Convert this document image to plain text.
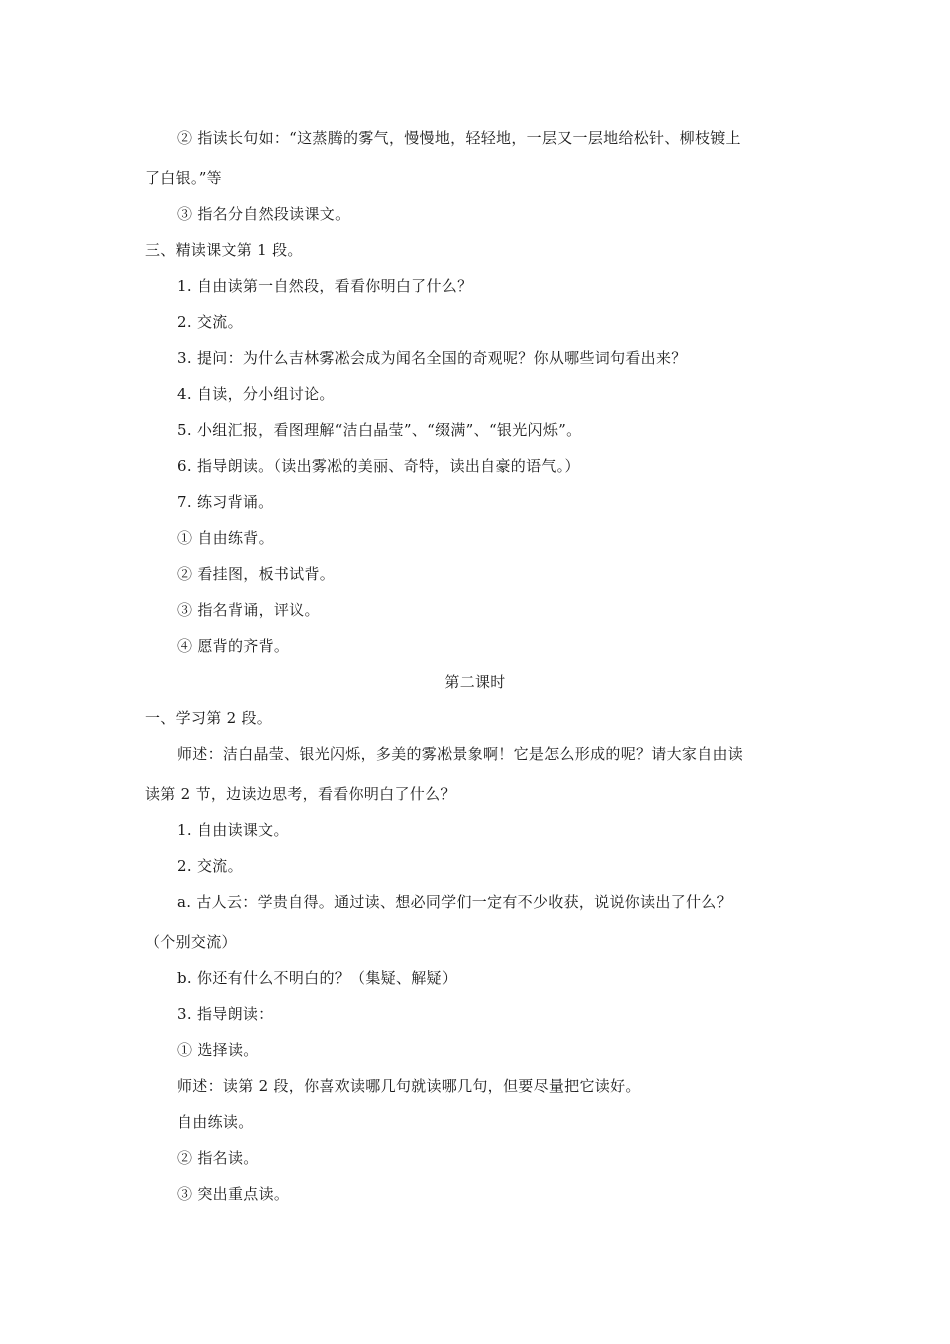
② 指读长句如：“这蒸腾的雾气，慢慢地，轻轻地，一层又一层地给松针、柳枝镀上
了白银。”等
③ 指名分自然段读课文。
三、精读课文第 1 段。
1. 自由读第一自然段，看看你明白了什么？
2. 交流。
3. 提问：为什么吉林雾凇会成为闻名全国的奇观呢？你从哪些词句看出来？
4. 自读，分小组讨论。
5. 小组汇报，看图理解“洁白晶莹”、“缀满”、“银光闪烁”。
6. 指导朗读。（读出雾凇的美丽、奇特，读出自豪的语气。）
7. 练习背诵。
① 自由练背。
② 看挂图，板书试背。
③ 指名背诵，评议。
④ 愿背的齐背。
第二课时
一、学习第 2 段。
师述：洁白晶莹、银光闪烁，多美的雾凇景象啊！它是怎么形成的呢？请大家自由读
读第 2 节，边读边思考，看看你明白了什么？
1. 自由读课文。
2. 交流。
a. 古人云：学贵自得。通过读、想必同学们一定有不少收获，说说你读出了什么？
（个别交流）
b. 你还有什么不明白的？（集疑、解疑）
3. 指导朗读：
① 选择读。
师述：读第 2 段，你喜欢读哪几句就读哪几句，但要尽量把它读好。
自由练读。
② 指名读。
③ 突出重点读。
